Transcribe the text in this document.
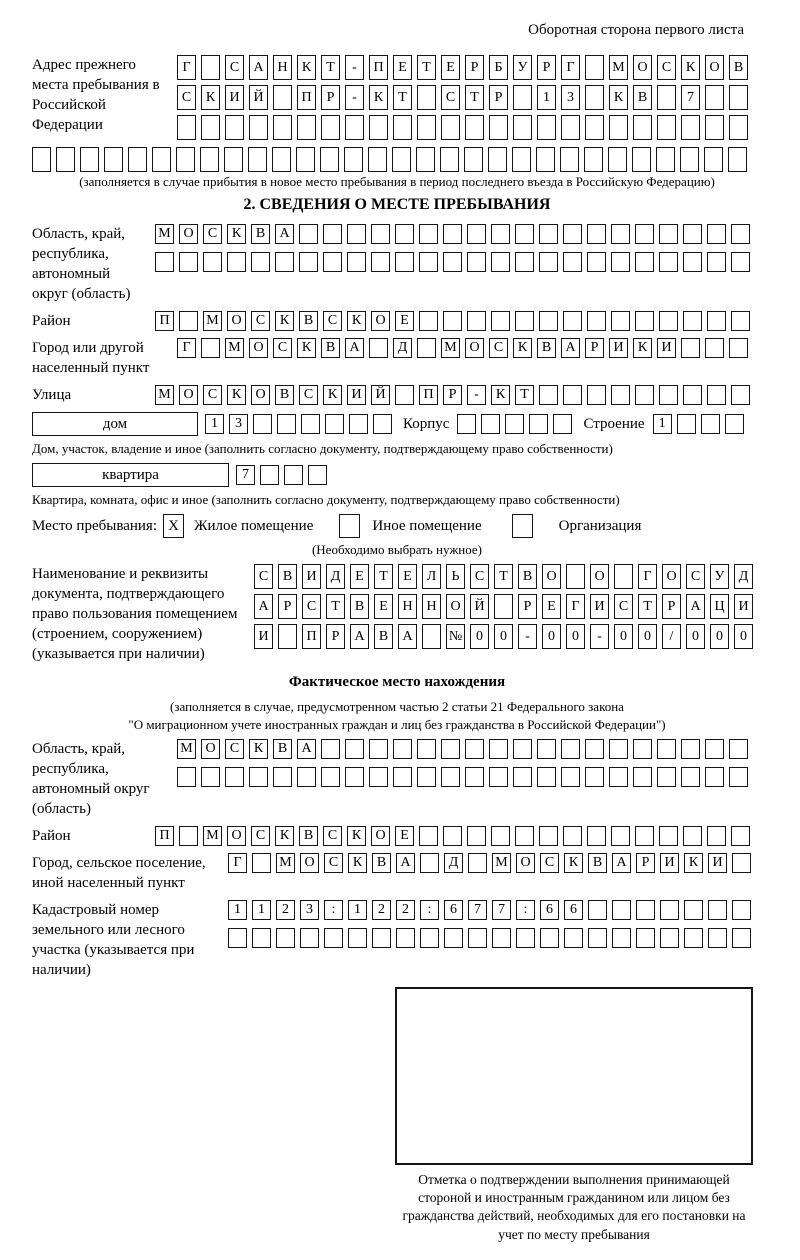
Оборотная сторона первого листа
Адрес прежнего места пребывания в Российской Федерации
Г	С	А Н	К	Т	-	П	Е	Т	Е	Р	Б	У	Р	Г	М О	С	К	О	В
С	К	И Й	П	Р	-	К	Т	С	Т	Р	1	3	К	В	7
(заполняется в случае прибытия в новое место пребывания в период последнего въезда в Российскую Федерацию)
2. СВЕДЕНИЯ О МЕСТЕ ПРЕБЫВАНИЯ
Область, край, республика, автономный округ (область)
М О	С	К	В	А
Район	П	М О	С	К	В	С	К	О	Е
Город или другой населенный пункт
Г	М О	С	К	В	А	Д	М О	С	К	В	А	Р	И	К	И
Улица	М О	С	К	О	В	С	К	И Й	П	Р	-	К	Т
дом	1	3	Корпус	Строение	1
Дом, участок, владение и иное (заполнить согласно документу, подтверждающему право собственности)
квартира	7
Квартира, комната, офис и иное (заполнить согласно документу, подтверждающему право собственности)
Место пребывания: Х	Жилое помещение	Иное помещение	Организация
(Необходимо выбрать нужное)
Наименование и реквизиты документа, подтверждающего право пользования помещением (строением, сооружением) (указывается при наличии)
С	В	И	Д	Е	Т	Е	Л	Ь	С	Т	В	О	О	Г	О	С	У	Д
А	Р	С	Т	В	Е	Н Н О Й	Р	Е	Г	И	С	Т	Р	А Ц И
И	П	Р	А	В	А	№ 0	0	-	0	0	-	0	0	/	0	0	0
Фактическое место нахождения
(заполняется в случае, предусмотренном частью 2 статьи 21 Федерального закона
"О миграционном учете иностранных граждан и лиц без гражданства в Российской Федерации")
Область, край, республика, автономный округ (область)
М О	С	К	В	А
Район	П	М О	С	К	В	С	К	О	Е
Город, сельское поселение, иной населенный пункт
Г	М О	С	К	В	А	Д	М О	С	К	В	А	Р	И	К	И
Кадастровый номер земельного или лесного участка (указывается при наличии)
1	1	2	3	:	1	2	2	:	6	7	7	:	6	6
Отметка о подтверждении выполнения принимающей стороной и иностранным гражданином или лицом без гражданства действий, необходимых для его постановки на учет по месту пребывания
